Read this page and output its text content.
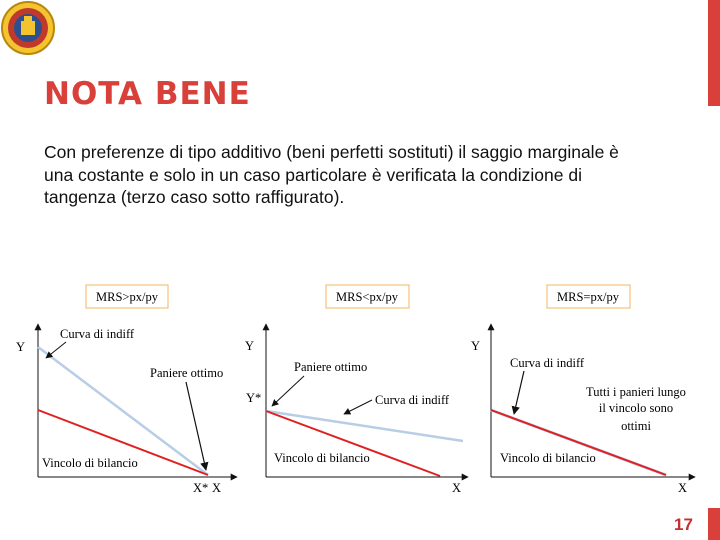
NOTA BENE

Con preferenze di tipo additivo (beni perfetti sostituti) il saggio marginale è una costante e solo in un caso particolare è verificata la condizione di tangenza (terzo caso sotto raffigurato).

MRS>px/py
Y
Curva di indiff
Paniere ottimo
Vincolo di bilancio
X* X
MRS<px/py
Y
Y*
Paniere ottimo
Curva di indiff
Vincolo di bilancio
X
MRS=px/py
Y
Curva di indiff
Tutti i panieri lungo
il vincolo sono
ottimi
Vincolo di bilancio
X
17
